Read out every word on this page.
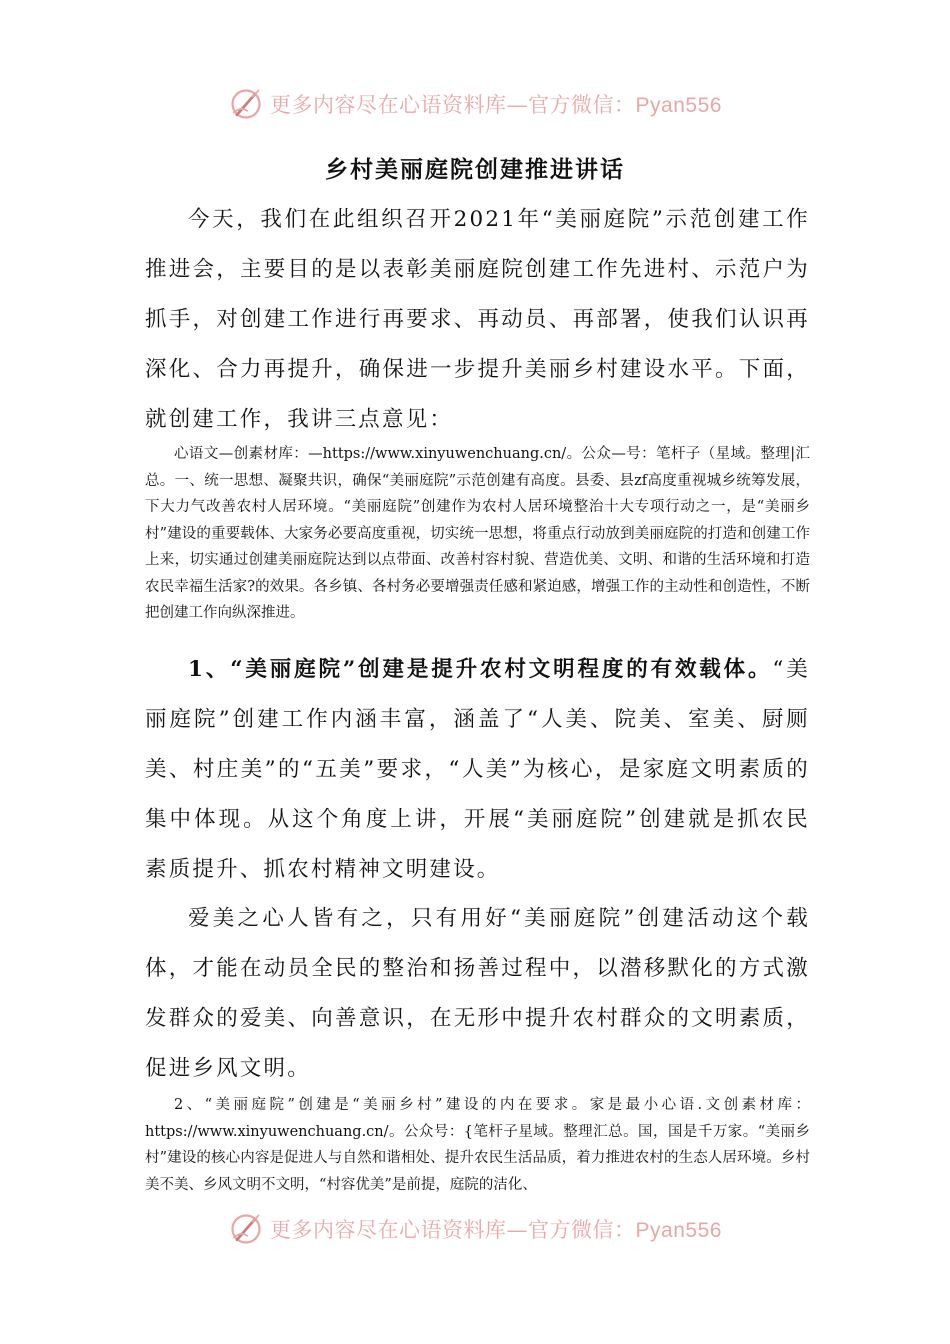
更多内容尽在心语资料库—官方微信：Pyan556
乡村美丽庭院创建推进讲话

今天，我们在此组织召开2021年“美丽庭院”示范创建工作推进会，主要目的是以表彰美丽庭院创建工作先进村、示范户为抓手，对创建工作进行再要求、再动员、再部署，使我们认识再深化、合力再提升，确保进一步提升美丽乡村建设水平。下面，就创建工作，我讲三点意见：

心语文—创素材库：—https://www.xinyuwenchuang.cn/。公众—号：笔杆子（星域。整理|汇总。一、统一思想、凝聚共识，确保“美丽庭院”示范创建有高度。县委、县zf高度重视城乡统筹发展，下大力气改善农村人居环境。“美丽庭院”创建作为农村人居环境整治十大专项行动之一，是“美丽乡村”建设的重要载体、大家务必要高度重视，切实统一思想，将重点行动放到美丽庭院的打造和创建工作上来，切实通过创建美丽庭院达到以点带面、改善村容村貌、营造优美、文明、和谐的生活环境和打造农民幸福生活家?的效果。各乡镇、各村务必要增强责任感和紧迫感，增强工作的主动性和创造性，不断把创建工作向纵深推进。

1、“美丽庭院”创建是提升农村文明程度的有效载体。“美丽庭院”创建工作内涵丰富，涵盖了“人美、院美、室美、厨厕美、村庄美”的“五美”要求，“人美”为核心，是家庭文明素质的集中体现。从这个角度上讲，开展“美丽庭院”创建就是抓农民素质提升、抓农村精神文明建设。

爱美之心人皆有之，只有用好“美丽庭院”创建活动这个载体，才能在动员全民的整治和扬善过程中，以潜移默化的方式激发群众的爱美、向善意识，在无形中提升农村群众的文明素质，促进乡风文明。

2、“美丽庭院”创建是“美丽乡村”建设的内在要求。家是最小心语.文创素材库：https://www.xinyuwenchuang.cn/。公众号：{笔杆子星域。整理汇总。国，国是千万家。“美丽乡村”建设的核心内容是促进人与自然和谐相处、提升农民生活品质，着力推进农村的生态人居环境。乡村美不美、乡风文明不文明，“村容优美”是前提，庭院的洁化、

更多内容尽在心语资料库—官方微信：Pyan556
